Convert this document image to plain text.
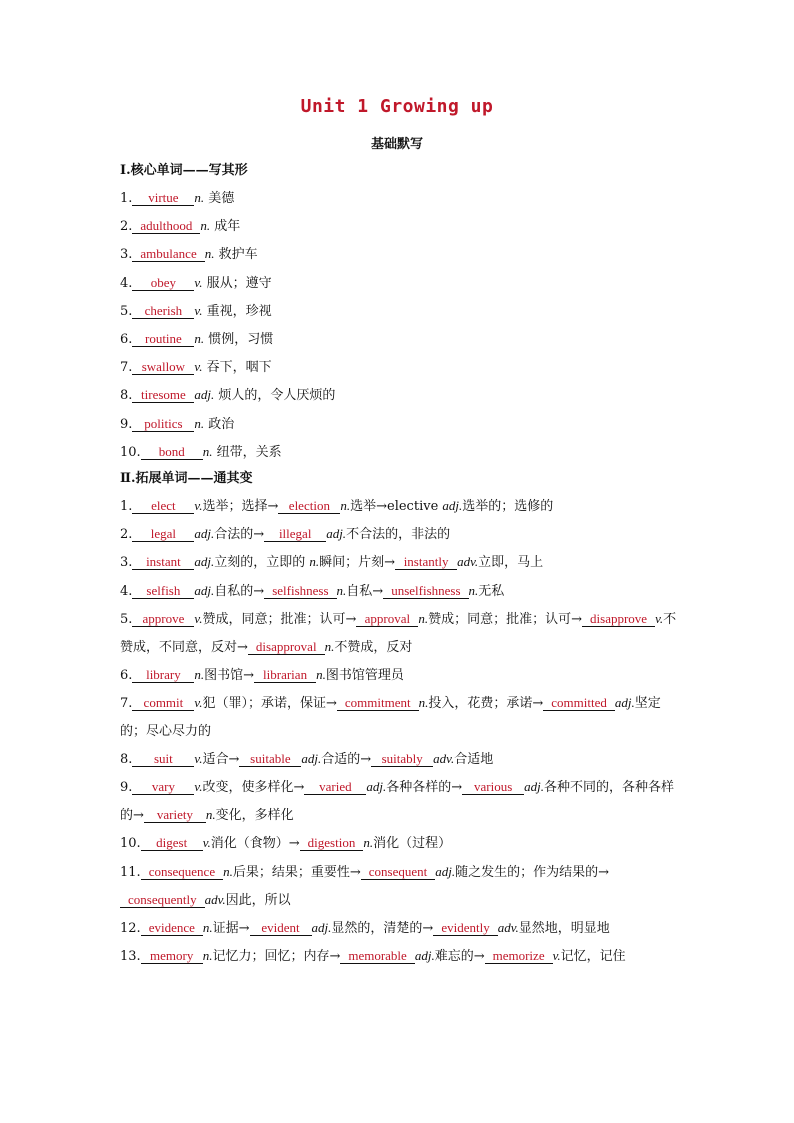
Unit 1 Growing up
基础默写
Ⅰ.核心单词——写其形
1. virtue n. 美德
2. adulthood n. 成年
3. ambulance n. 救护车
4. obey v. 服从；遵守
5. cherish v. 重视，珍视
6. routine n. 惯例，习惯
7. swallow v. 吞下，咽下
8. tiresome adj. 烦人的，令人厌烦的
9. politics n. 政治
10. bond n. 纽带，关系
Ⅱ.拓展单词——通其变
1. elect v.选举；选择→ election n.选举→elective adj.选举的；选修的
2. legal adj.合法的→ illegal adj.不合法的，非法的
3. instant adj.立刻的，立即的 n.瞬间；片刻→ instantly adv.立即，马上
4. selfish adj.自私的→ selfishness n.自私→ unselfishness n.无私
5. approve v.赞成，同意；批准；认可→ approval n.赞成；同意；批准；认可→ disapprove v.不赞成，不同意，反对→ disapproval n.不赞成，反对
6. library n.图书馆→ librarian n.图书馆管理员
7. commit v.犯（罪）；承诺，保证→ commitment n.投入，花费；承诺→ committed adj.坚定的；尽心尽力的
8. suit v.适合→ suitable adj.合适的→ suitably adv.合适地
9. vary v.改变，使多样化→ varied adj.各种各样的→ various adj.各种不同的，各种各样的→ variety n.变化，多样化
10. digest v.消化（食物）→ digestion n.消化（过程）
11. consequence n.后果；结果；重要性→ consequent adj.随之发生的；作为结果的→consequently adv.因此，所以
12. evidence n.证据→ evident adj.显然的，清楚的→ evidently adv.显然地，明显地
13. memory n.记忆力；回忆；内存→ memorable adj.难忘的→ memorize v.记忆，记住
